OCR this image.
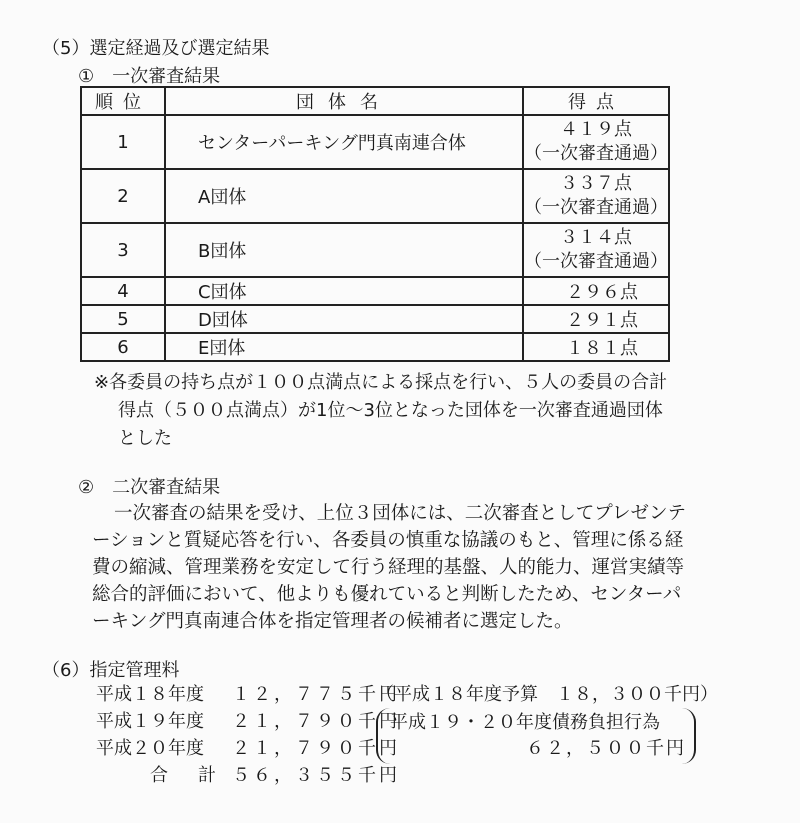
（5）選定経過及び選定結果
①　一次審査結果
順位	団体名	得点
1	センターパーキング門真南連合体	４１９点
（一次審査通過）

2	A団体	３３７点
（一次審査通過）

3	B団体	３１４点
（一次審査通過）

4	C団体	２９６点
5	D団体	２９１点
6	E団体	１８１点
※各委員の持ち点が１００点満点による採点を行い、５人の委員の合計
得点（５００点満点）が1位〜3位となった団体を一次審査通過団体
とした
②　二次審査結果
一次審査の結果を受け、上位３団体には、二次審査としてプレゼンテ
ーションと質疑応答を行い、各委員の慎重な協議のもと、管理に係る経
費の縮減、管理業務を安定して行う経理的基盤、人的能力、運営実績等
総合的評価において、他よりも優れていると判断したため、センターパ
ーキング門真南連合体を指定管理者の候補者に選定した。
（6）指定管理料
平成１８年度 １２，７７５千円
平成１９年度 ２１，７９０千円
平成２０年度 ２１，７９０千円
合　計 ５６，３５５千円
（平成１８年度予算　１８，３００千円）
平成１９・２０年度債務負担行為
６２，５００千円
